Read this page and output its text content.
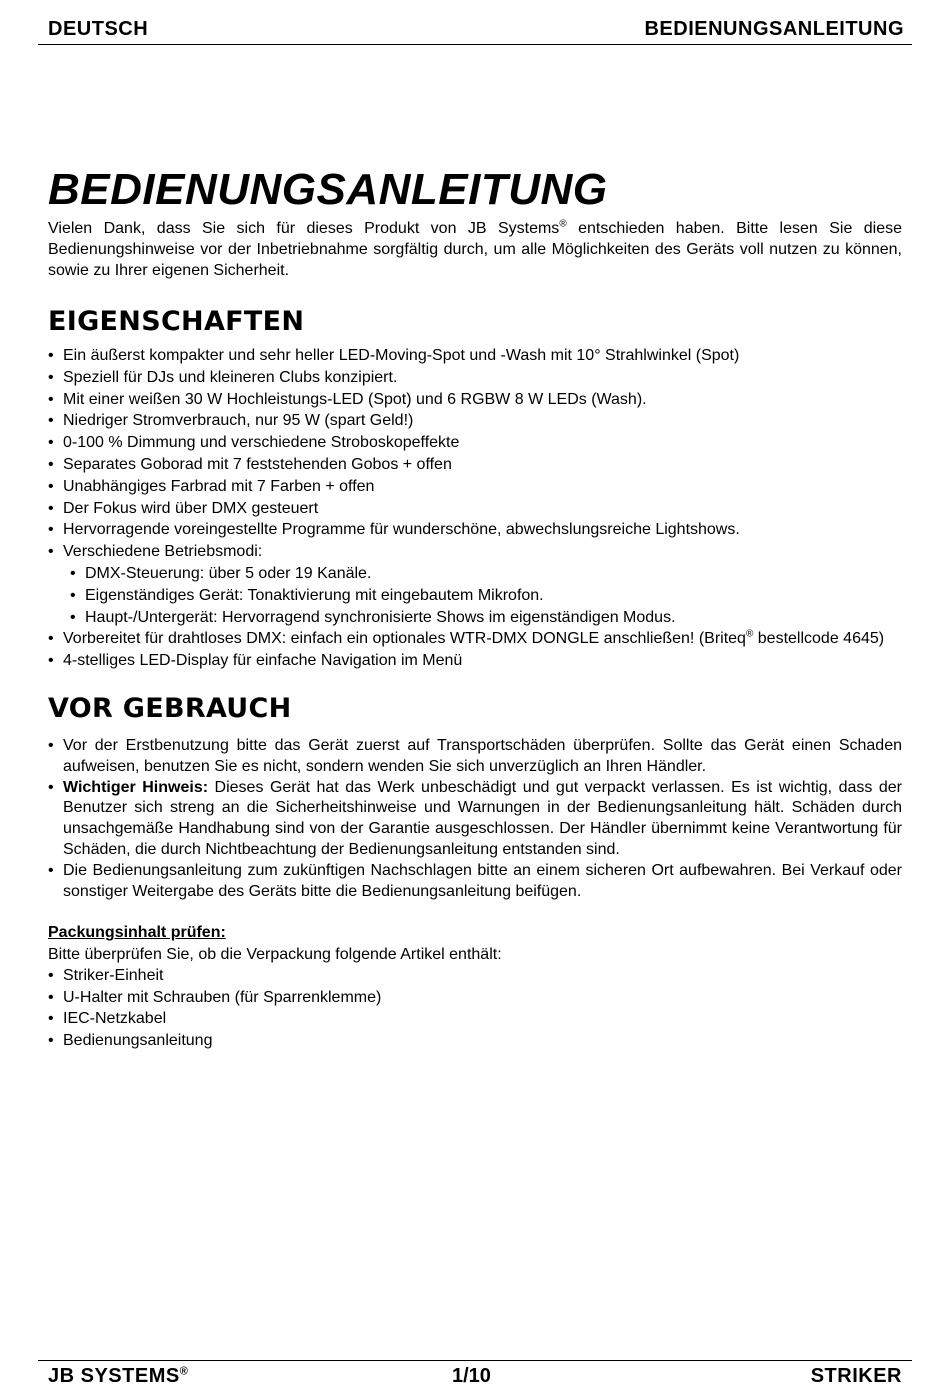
DEUTSCH	BEDIENUNGSANLEITUNG
BEDIENUNGSANLEITUNG

Vielen Dank, dass Sie sich für dieses Produkt von JB Systems® entschieden haben. Bitte lesen Sie diese Bedienungshinweise vor der Inbetriebnahme sorgfältig durch, um alle Möglichkeiten des Geräts voll nutzen zu können, sowie zu Ihrer eigenen Sicherheit.

EIGENSCHAFTEN
• Ein äußerst kompakter und sehr heller LED-Moving-Spot und -Wash mit 10° Strahlwinkel (Spot)
• Speziell für DJs und kleineren Clubs konzipiert.
• Mit einer weißen 30 W Hochleistungs-LED (Spot) und 6 RGBW 8 W LEDs (Wash).
• Niedriger Stromverbrauch, nur 95 W (spart Geld!)
• 0-100 % Dimmung und verschiedene Stroboskopeffekte
• Separates Goborad mit 7 feststehenden Gobos + offen
• Unabhängiges Farbrad mit 7 Farben + offen
• Der Fokus wird über DMX gesteuert
• Hervorragende voreingestellte Programme für wunderschöne, abwechslungsreiche Lightshows.
• Verschiedene Betriebsmodi:
• DMX-Steuerung: über 5 oder 19 Kanäle.
• Eigenständiges Gerät: Tonaktivierung mit eingebautem Mikrofon.
• Haupt-/Untergerät: Hervorragend synchronisierte Shows im eigenständigen Modus.
• Vorbereitet für drahtloses DMX: einfach ein optionales WTR-DMX DONGLE anschließen! (Briteq® bestellcode 4645)
• 4-stelliges LED-Display für einfache Navigation im Menü
VOR GEBRAUCH
• Vor der Erstbenutzung bitte das Gerät zuerst auf Transportschäden überprüfen. Sollte das Gerät einen Schaden aufweisen, benutzen Sie es nicht, sondern wenden Sie sich unverzüglich an Ihren Händler.
• Wichtiger Hinweis: Dieses Gerät hat das Werk unbeschädigt und gut verpackt verlassen. Es ist wichtig, dass der Benutzer sich streng an die Sicherheitshinweise und Warnungen in der Bedienungsanleitung hält. Schäden durch unsachgemäße Handhabung sind von der Garantie ausgeschlossen. Der Händler übernimmt keine Verantwortung für Schäden, die durch Nichtbeachtung der Bedienungsanleitung entstanden sind.
• Die Bedienungsanleitung zum zukünftigen Nachschlagen bitte an einem sicheren Ort aufbewahren. Bei Verkauf oder sonstiger Weitergabe des Geräts bitte die Bedienungsanleitung beifügen.
Packungsinhalt prüfen:

Bitte überprüfen Sie, ob die Verpackung folgende Artikel enthält:

• Striker-Einheit
• U-Halter mit Schrauben (für Sparrenklemme)
• IEC-Netzkabel
• Bedienungsanleitung
JB SYSTEMS®	1/10	STRIKER
